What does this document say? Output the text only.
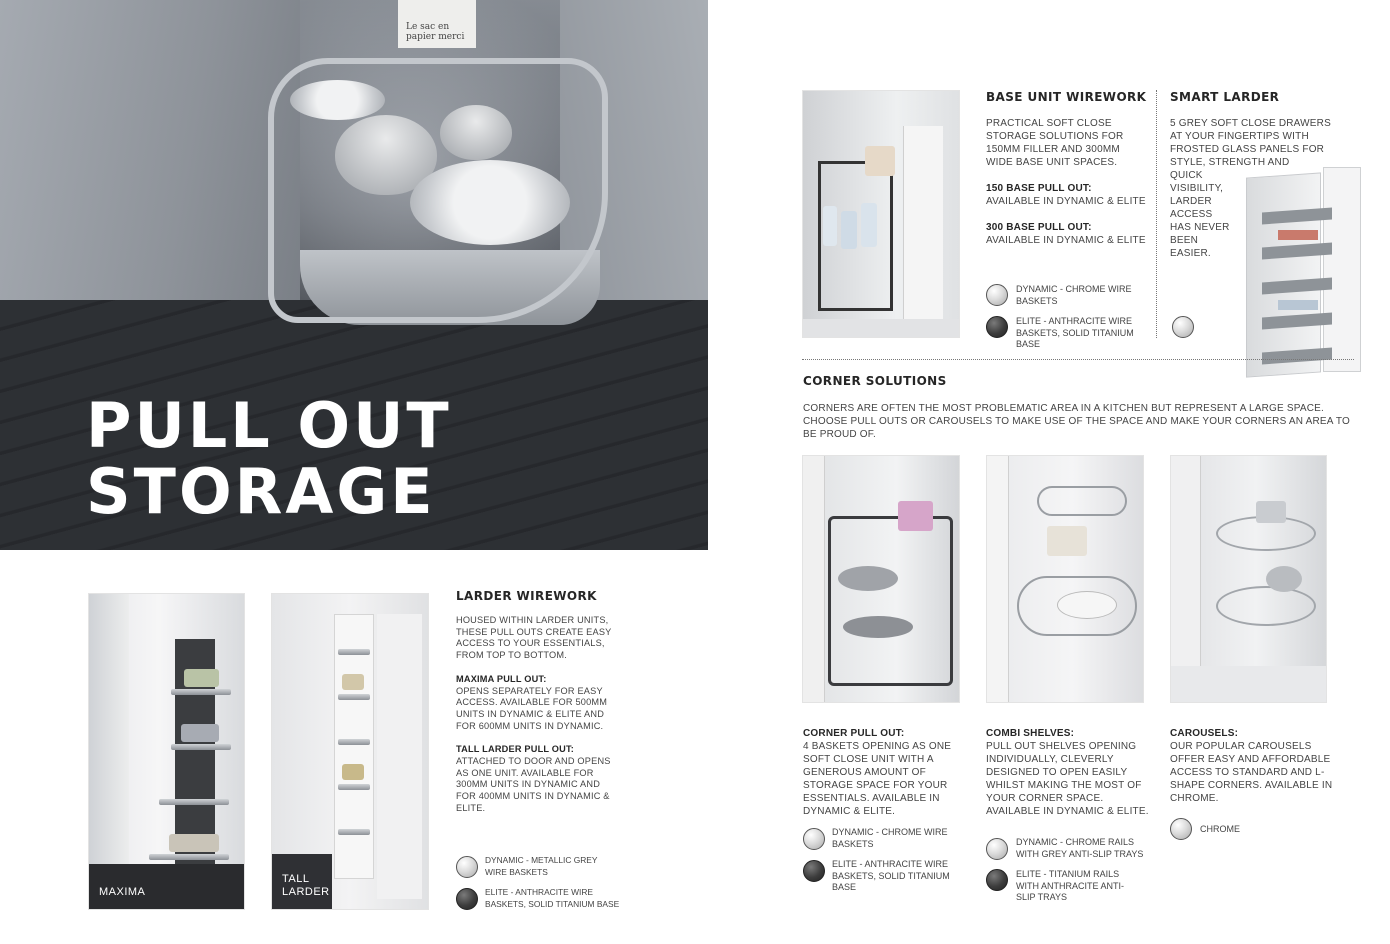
Le sac en papier merci
PULL OUT
STORAGE
MAXIMA
TALL
LARDER
LARDER WIREWORK
HOUSED WITHIN LARDER UNITS, THESE PULL OUTS CREATE EASY ACCESS TO YOUR ESSENTIALS, FROM TOP TO BOTTOM.
MAXIMA PULL OUT:
OPENS SEPARATELY FOR EASY ACCESS. AVAILABLE FOR 500MM UNITS IN DYNAMIC & ELITE AND FOR 600MM UNITS IN DYNAMIC.
TALL LARDER PULL OUT:
ATTACHED TO DOOR AND OPENS AS ONE UNIT. AVAILABLE FOR 300MM UNITS IN DYNAMIC AND FOR 400MM UNITS IN DYNAMIC & ELITE.
DYNAMIC - METALLIC GREY WIRE BASKETS
ELITE - ANTHRACITE WIRE BASKETS, SOLID TITANIUM BASE
BASE UNIT WIREWORK
PRACTICAL SOFT CLOSE STORAGE SOLUTIONS FOR 150MM FILLER AND 300MM WIDE BASE UNIT SPACES.
150 BASE PULL OUT:
AVAILABLE IN DYNAMIC & ELITE
300 BASE PULL OUT:
AVAILABLE IN DYNAMIC & ELITE
DYNAMIC - CHROME WIRE BASKETS
ELITE - ANTHRACITE WIRE BASKETS, SOLID TITANIUM BASE
SMART LARDER
5 GREY SOFT CLOSE DRAWERS
AT YOUR FINGERTIPS WITH
FROSTED GLASS PANELS FOR
STYLE, STRENGTH AND
QUICK
VISIBILITY,
LARDER
ACCESS
HAS NEVER
BEEN
EASIER.
CORNER SOLUTIONS
CORNERS ARE OFTEN THE MOST PROBLEMATIC AREA IN A KITCHEN BUT REPRESENT A LARGE SPACE. CHOOSE PULL OUTS OR CAROUSELS TO MAKE USE OF THE SPACE AND MAKE YOUR CORNERS AN AREA TO BE PROUD OF.
CORNER PULL OUT:
4 BASKETS OPENING AS ONE SOFT CLOSE UNIT WITH A GENEROUS AMOUNT OF STORAGE SPACE FOR YOUR ESSENTIALS. AVAILABLE IN DYNAMIC & ELITE.
DYNAMIC - CHROME WIRE BASKETS
ELITE - ANTHRACITE WIRE BASKETS, SOLID TITANIUM BASE
COMBI SHELVES:
PULL OUT SHELVES OPENING INDIVIDUALLY, CLEVERLY DESIGNED TO OPEN EASILY WHILST MAKING THE MOST OF YOUR CORNER SPACE. AVAILABLE IN DYNAMIC & ELITE.
DYNAMIC - CHROME RAILS WITH GREY ANTI-SLIP TRAYS
ELITE - TITANIUM RAILS WITH ANTHRACITE ANTI-SLIP TRAYS
CAROUSELS:
OUR POPULAR CAROUSELS OFFER EASY AND AFFORDABLE ACCESS TO STANDARD AND L-SHAPE CORNERS. AVAILABLE IN CHROME.
CHROME
